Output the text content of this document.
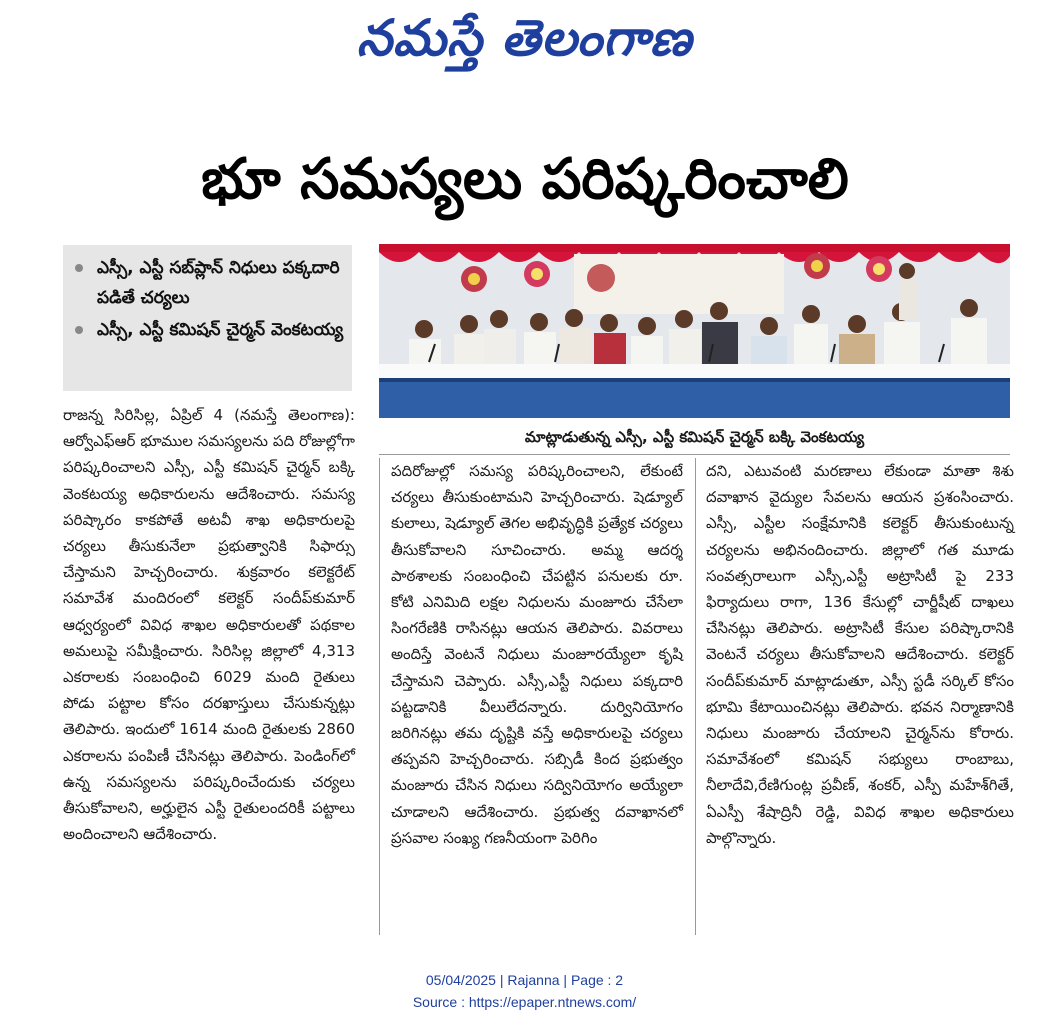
నమస్తే తెలంగాణ
భూ సమస్యలు పరిష్కరించాలి
ఎస్సీ, ఎస్టీ సబ్‌ప్లాన్ నిధులు పక్కదారి పడితే చర్యలు
ఎస్సీ, ఎస్టీ కమిషన్ చైర్మన్ వెంకటయ్య
మాట్లాడుతున్న ఎస్సీ, ఎస్టీ కమిషన్ చైర్మన్ బక్కి వెంకటయ్య
రాజన్న సిరిసిల్ల, ఏప్రిల్ 4 (నమస్తే తెలంగాణ): ఆర్వోఎఫ్ఆర్ భూముల సమస్యలను పది రోజుల్లోగా పరిష్కరించాలని ఎస్సీ, ఎస్టీ కమిషన్ చైర్మన్ బక్కి వెంకటయ్య అధికారులను ఆదేశించారు. సమస్య పరిష్కారం కాకపోతే అటవీ శాఖ అధికారులపై చర్యలు తీసుకునేలా ప్రభుత్వానికి సిఫార్సు చేస్తామని హెచ్చరించారు. శుక్రవారం కలెక్టరేట్ సమావేశ మందిరంలో కలెక్టర్ సందీప్‌కుమార్ ఆధ్వర్యంలో వివిధ శాఖల అధికారులతో పథకాల అమలుపై సమీక్షించారు. సిరిసిల్ల జిల్లాలో 4,313 ఎకరాలకు సంబంధించి 6029 మంది రైతులు పోడు పట్టాల కోసం దరఖాస్తులు చేసుకున్నట్లు తెలిపారు. ఇందులో 1614 మంది రైతులకు 2860 ఎకరాలను పంపిణీ చేసినట్లు తెలిపారు. పెండింగ్‌లో ఉన్న సమస్యలను పరిష్కరించేందుకు చర్యలు తీసుకోవాలని, అర్హులైన ఎస్టీ రైతులందరికీ పట్టాలు అందించాలని ఆదేశించారు.
పదిరోజుల్లో సమస్య పరిష్కరించాలని, లేకుంటే చర్యలు తీసుకుంటామని హెచ్చరించారు. షెడ్యూల్ కులాలు, షెడ్యూల్ తెగల అభివృద్ధికి ప్రత్యేక చర్యలు తీసుకోవాలని సూచించారు. అమ్మ ఆదర్శ పాఠశాలకు సంబంధించి చేపట్టిన పనులకు రూ. కోటి ఎనిమిది లక్షల నిధులను మంజూరు చేసేలా సింగరేణికి రాసినట్లు ఆయన తెలిపారు. వివరాలు అందిస్తే వెంటనే నిధులు మంజూరయ్యేలా కృషి చేస్తామని చెప్పారు. ఎస్సీ,ఎస్టీ నిధులు పక్కదారి పట్టడానికి వీలులేదన్నారు. దుర్వినియోగం జరిగినట్లు తమ దృష్టికి వస్తే అధికారులపై చర్యలు తప్పవని హెచ్చరించారు. సబ్సిడీ కింద ప్రభుత్వం మంజూరు చేసిన నిధులు సద్వినియోగం అయ్యేలా చూడాలని ఆదేశించారు. ప్రభుత్వ దవాఖానలో ప్రసవాల సంఖ్య గణనీయంగా పెరిగిం
దని, ఎటువంటి మరణాలు లేకుండా మాతా శిశు దవాఖాన వైద్యుల సేవలను ఆయన ప్రశంసించారు. ఎస్సీ, ఎస్టీల సంక్షేమానికి కలెక్టర్ తీసుకుంటున్న చర్యలను అభినందించారు. జిల్లాలో గత మూడు సంవత్సరాలుగా ఎస్సీ,ఎస్టీ అట్రాసిటీ పై 233 ఫిర్యాదులు రాగా, 136 కేసుల్లో చార్జీషీట్ దాఖలు చేసినట్లు తెలిపారు. అట్రాసిటీ కేసుల పరిష్కారానికి వెంటనే చర్యలు తీసుకోవాలని ఆదేశించారు. కలెక్టర్ సందీప్‌కుమార్ మాట్లాడుతూ, ఎస్సీ స్టడీ సర్కిల్ కోసం భూమి కేటాయించినట్లు తెలిపారు. భవన నిర్మాణానికి నిధులు మంజూరు చేయాలని చైర్మన్‌ను కోరారు. సమావేశంలో కమిషన్ సభ్యులు రాంబాబు, నీలాదేవి,రేణిగుంట్ల ప్రవీణ్, శంకర్, ఎస్పీ మహేశ్‌గితే, ఏఎస్పీ శేషాద్రినీ రెడ్డి, వివిధ శాఖల అధికారులు పాల్గొన్నారు.
05/04/2025 | Rajanna | Page : 2
Source : https://epaper.ntnews.com/
